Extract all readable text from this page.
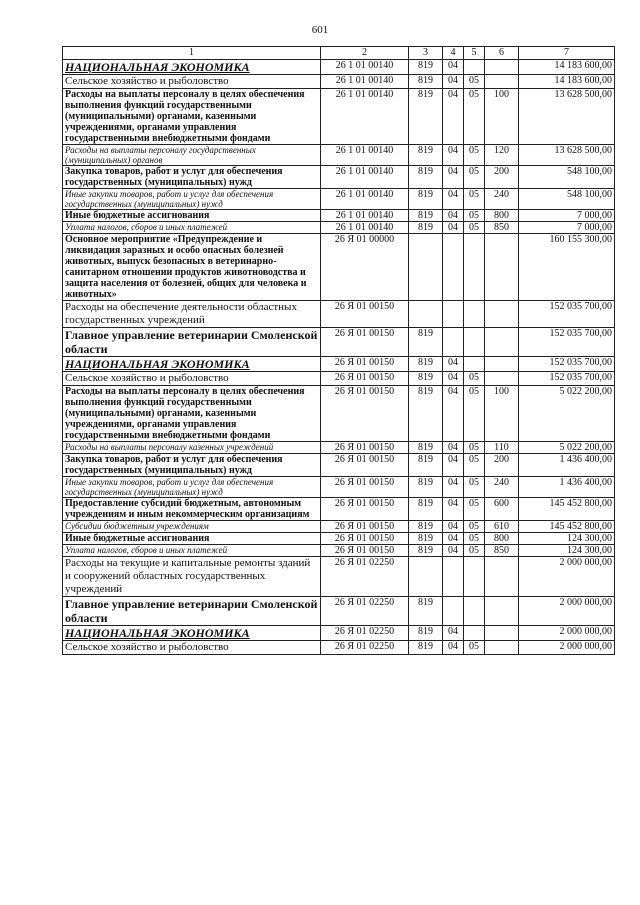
601
1	2	3	4	5	6	7
НАЦИОНАЛЬНАЯ ЭКОНОМИКА	26 1 01 00140	819	04			14 183 600,00
Сельское хозяйство и рыболовство	26 1 01 00140	819	04	05		14 183 600,00
Расходы на выплаты персоналу в целях обеспечения выполнения функций государственными (муниципальными) органами, казенными учреждениями, органами управления государственными внебюджетными фондами	26 1 01 00140	819	04	05	100	13 628 500,00
Расходы на выплаты персоналу государственных (муниципальных) органов	26 1 01 00140	819	04	05	120	13 628 500,00
Закупка товаров, работ и услуг для обеспечения государственных (муниципальных) нужд	26 1 01 00140	819	04	05	200	548 100,00
Иные закупки товаров, работ и услуг для обеспечения государственных (муниципальных) нужд	26 1 01 00140	819	04	05	240	548 100,00
Иные бюджетные ассигнования	26 1 01 00140	819	04	05	800	7 000,00
Уплата налогов, сборов и иных платежей	26 1 01 00140	819	04	05	850	7 000,00
Основное мероприятие «Предупреждение и ликвидация заразных и особо опасных болезней животных, выпуск безопасных в ветеринарно-санитарном отношении продуктов животноводства и защита населения от болезней, общих для человека и животных»	26 Я 01 00000					160 155 300,00
Расходы на обеспечение деятельности областных государственных учреждений	26 Я 01 00150					152 035 700,00
Главное управление ветеринарии Смоленской области	26 Я 01 00150	819				152 035 700,00
НАЦИОНАЛЬНАЯ ЭКОНОМИКА	26 Я 01 00150	819	04			152 035 700,00
Сельское хозяйство и рыболовство	26 Я 01 00150	819	04	05		152 035 700,00
Расходы на выплаты персоналу в целях обеспечения выполнения функций государственными (муниципальными) органами, казенными учреждениями, органами управления государственными внебюджетными фондами	26 Я 01 00150	819	04	05	100	5 022 200,00
Расходы на выплаты персоналу казенных учреждений	26 Я 01 00150	819	04	05	110	5 022 200,00
Закупка товаров, работ и услуг для обеспечения государственных (муниципальных) нужд	26 Я 01 00150	819	04	05	200	1 436 400,00
Иные закупки товаров, работ и услуг для обеспечения государственных (муниципальных) нужд	26 Я 01 00150	819	04	05	240	1 436 400,00
Предоставление субсидий бюджетным, автономным учреждениям и иным некоммерческим организациям	26 Я 01 00150	819	04	05	600	145 452 800,00
Субсидии бюджетным учреждениям	26 Я 01 00150	819	04	05	610	145 452 800,00
Иные бюджетные ассигнования	26 Я 01 00150	819	04	05	800	124 300,00
Уплата налогов, сборов и иных платежей	26 Я 01 00150	819	04	05	850	124 300,00
Расходы на текущие и капитальные ремонты зданий и сооружений областных государственных учреждений	26 Я 01 02250					2 000 000,00
Главное управление ветеринарии Смоленской области	26 Я 01 02250	819				2 000 000,00
НАЦИОНАЛЬНАЯ ЭКОНОМИКА	26 Я 01 02250	819	04			2 000 000,00
Сельское хозяйство и рыболовство	26 Я 01 02250	819	04	05		2 000 000,00
